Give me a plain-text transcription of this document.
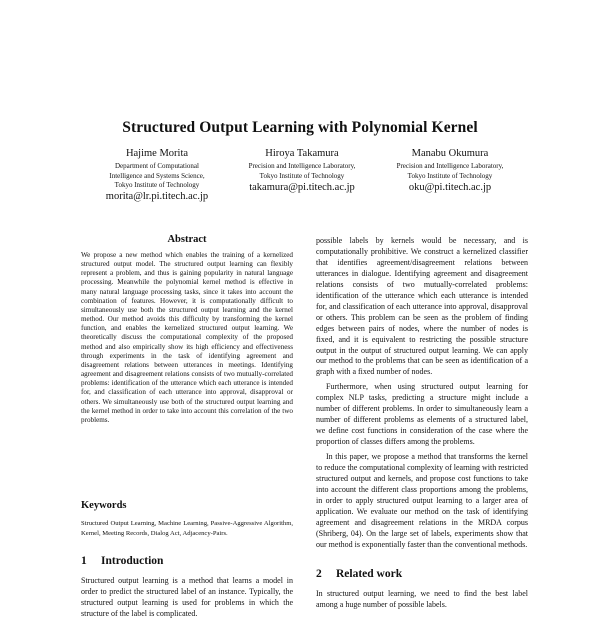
Structured Output Learning with Polynomial Kernel
Hajime Morita
Department of Computational
Intelligence and Systems Science,
Tokyo Institute of Technology
morita@lr.pi.titech.ac.jp
Hiroya Takamura
Precision and Intelligence Laboratory,
Tokyo Institute of Technology
takamura@pi.titech.ac.jp
Manabu Okumura
Precision and Intelligence Laboratory,
Tokyo Institute of Technology
oku@pi.titech.ac.jp
Abstract
We propose a new method which enables the training of a kernelized structured output model. The structured output learning can flexibly represent a problem, and thus is gaining popularity in natural language processing. Meanwhile the polynomial kernel method is effective in many natural language processing tasks, since it takes into account the combination of features. However, it is computationally difficult to simultaneously use both the structured output learning and the kernel method. Our method avoids this difficulty by transforming the kernel function, and enables the kernelized structured output learning. We theoretically discuss the computational complexity of the proposed method and also empirically show its high efficiency and effectiveness through experiments in the task of identifying agreement and disagreement relations between utterances in meetings. Identifying agreement and disagreement relations consists of two mutually-correlated problems: identification of the utterance which each utterance is intended for, and classification of each utterance into approval, disapproval or others. We simultaneously use both of the structured output learning and the kernel method in order to take into account this correlation of the two problems.
Keywords
Structured Output Learning, Machine Learning, Passive-Aggressive Algorithm, Kernel, Meeting Records, Dialog Act, Adjacency-Pairs.
1 Introduction
Structured output learning is a method that learns a model in order to predict the structured label of an instance. Typically, the structured output learning is used for problems in which the structure of the label is complicated.

possible labels by kernels would be necessary, and is computationally prohibitive. We construct a kernelized classifier that identifies agreement/disagreement relations between utterances in dialogue. Identifying agreement and disagreement relations consists of two mutually-correlated problems: identification of the utterance which each utterance is intended for, and classification of each utterance into approval, disapproval or others. This problem can be seen as the problem of finding edges between pairs of nodes, where the number of nodes is fixed, and it is equivalent to restricting the possible structure output in the output of structured output learning. We can apply our method to the problems that can be seen as identification of a graph with a fixed number of nodes.

Furthermore, when using structured output learning for complex NLP tasks, predicting a structure might include a number of different problems. In order to simultaneously learn a number of different problems as elements of a structured label, we define cost functions in consideration of the case where the proportion of classes differs among the problems.

In this paper, we propose a method that transforms the kernel to reduce the computational complexity of learning with restricted structured output and kernels, and propose cost functions to take into account the different class proportions among the problems, in order to apply structured output learning to a larger area of application. We evaluate our method on the task of identifying agreement and disagreement relations in the MRDA corpus (Shriberg, 04). On the large set of labels, experiments show that our method is exponentially faster than the conventional methods.

2 Related work
In structured output learning, we need to find the best label among a huge number of possible labels.
